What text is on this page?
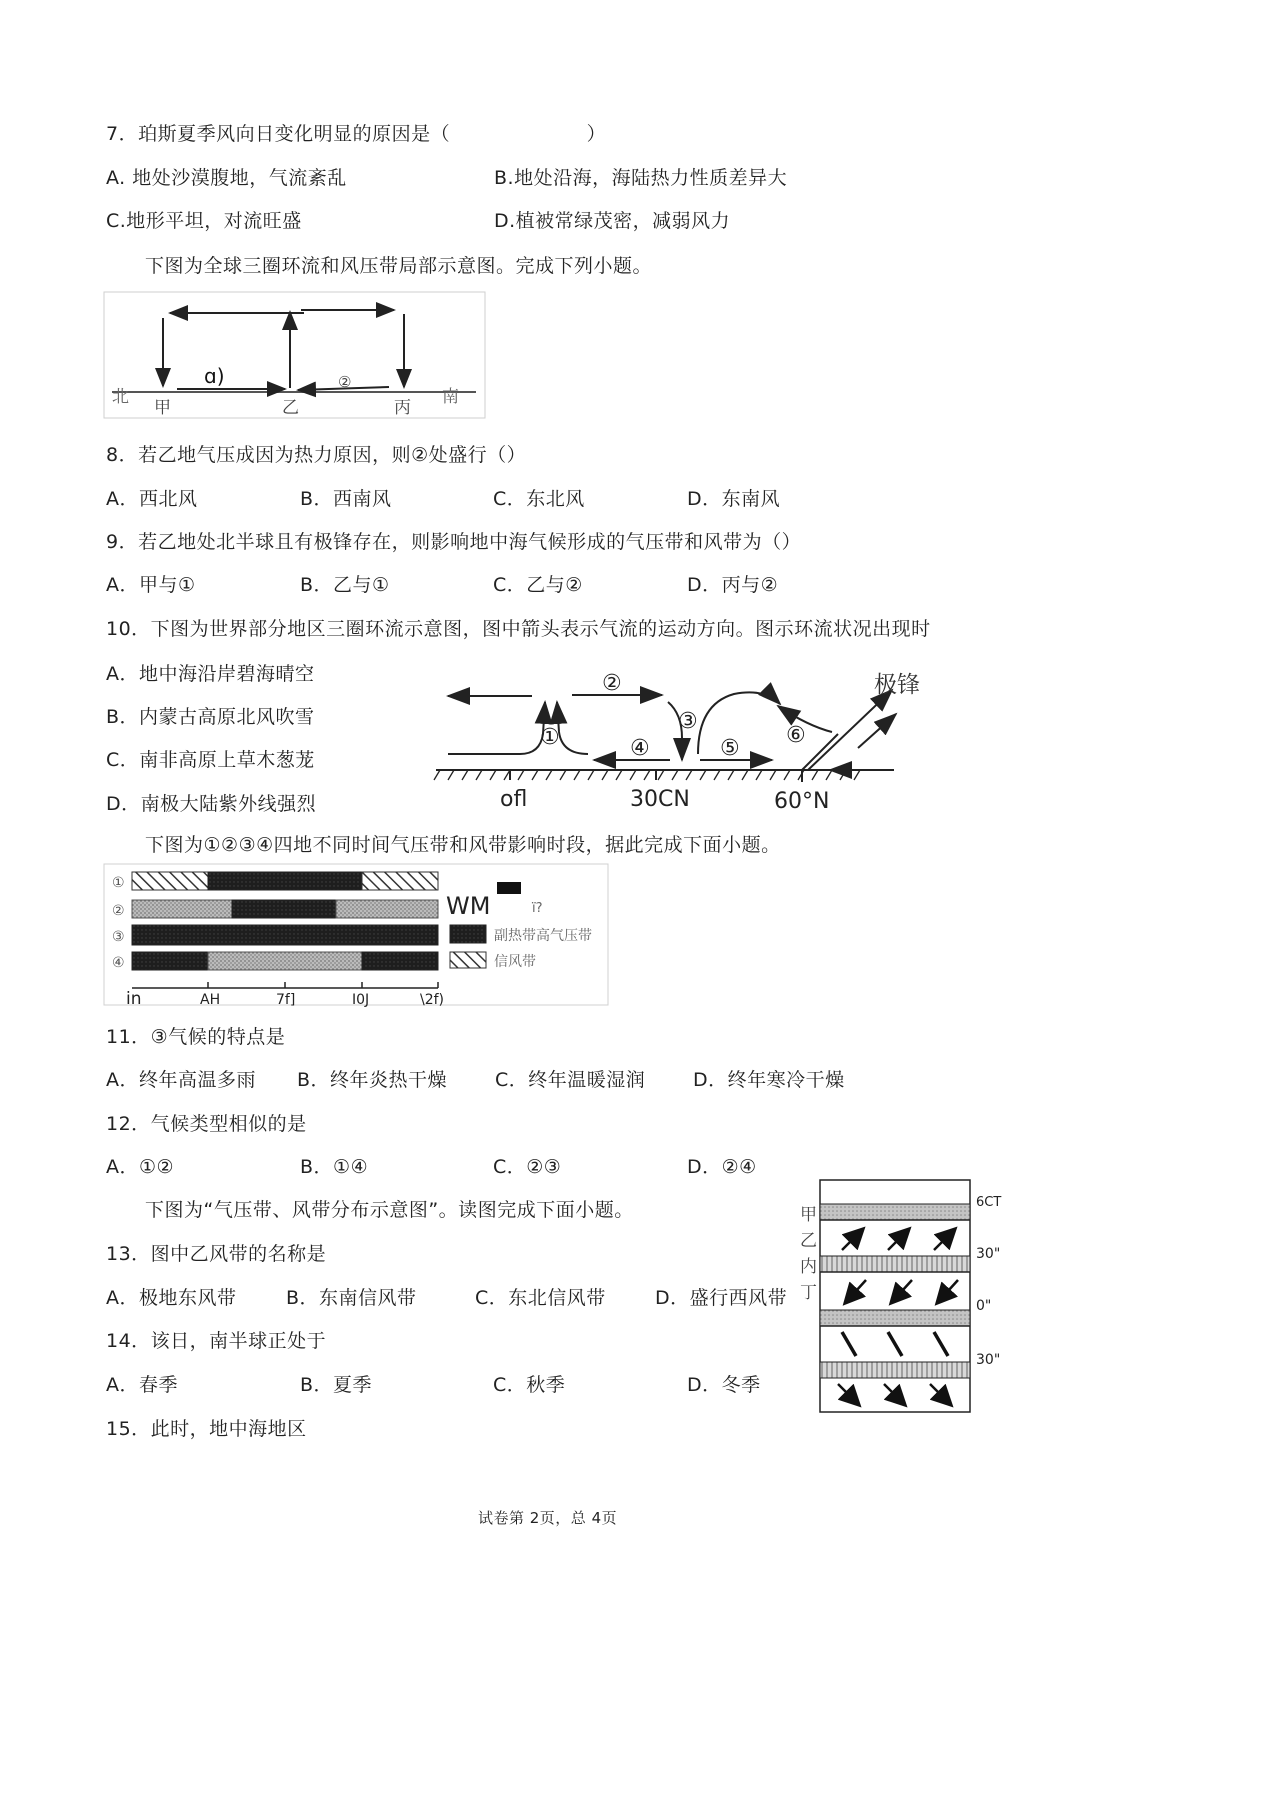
7．珀斯夏季风向日变化明显的原因是（　　　　　　　）
A. 地处沙漠腹地，气流紊乱	B.地处沿海，海陆热力性质差异大
C.地形平坦，对流旺盛	D.植被常绿茂密，减弱风力
下图为全球三圈环流和风压带局部示意图。完成下列小题。
北	南
甲	乙	丙
ɑ)	②
8．若乙地气压成因为热力原因，则②处盛行（）
A．西北风	B．西南风	C．东北风	D．东南风
9．若乙地处北半球且有极锋存在，则影响地中海气候形成的气压带和风带为（）
A．甲与①	B．乙与①	C．乙与②	D．丙与②
10．下图为世界部分地区三圈环流示意图，图中箭头表示气流的运动方向。图示环流状况出现时
A．地中海沿岸碧海晴空
B．内蒙古高原北风吹雪
C．南非高原上草木葱茏
D．南极大陆紫外线强烈
极锋
①
②
③
④	⑤
⑥
ofl	30CN	60°N
下图为①②③④四地不同时间气压带和风带影响时段，据此完成下面小题。
①
②
③
④
WM	ï?
副热带高气压带
信风带
in	AH	7f]	I0J	\2f)
11．③气候的特点是
A．终年高温多雨 B．终年炎热干燥	C．终年温暖湿润	D．终年寒冷干燥
12．气候类型相似的是
A．①②	B．①④	C．②③	D．②④
下图为“气压带、风带分布示意图”。读图完成下面小题。
13．图中乙风带的名称是
A．极地东风带	B．东南信风带	C．东北信风带	D．盛行西风带
甲
乙
内
丁
6CT
30"
0"
30"
14．该日，南半球正处于
A．春季	B．夏季	C．秋季	D．冬季
15．此时，地中海地区
试卷第 2页，总 4页
